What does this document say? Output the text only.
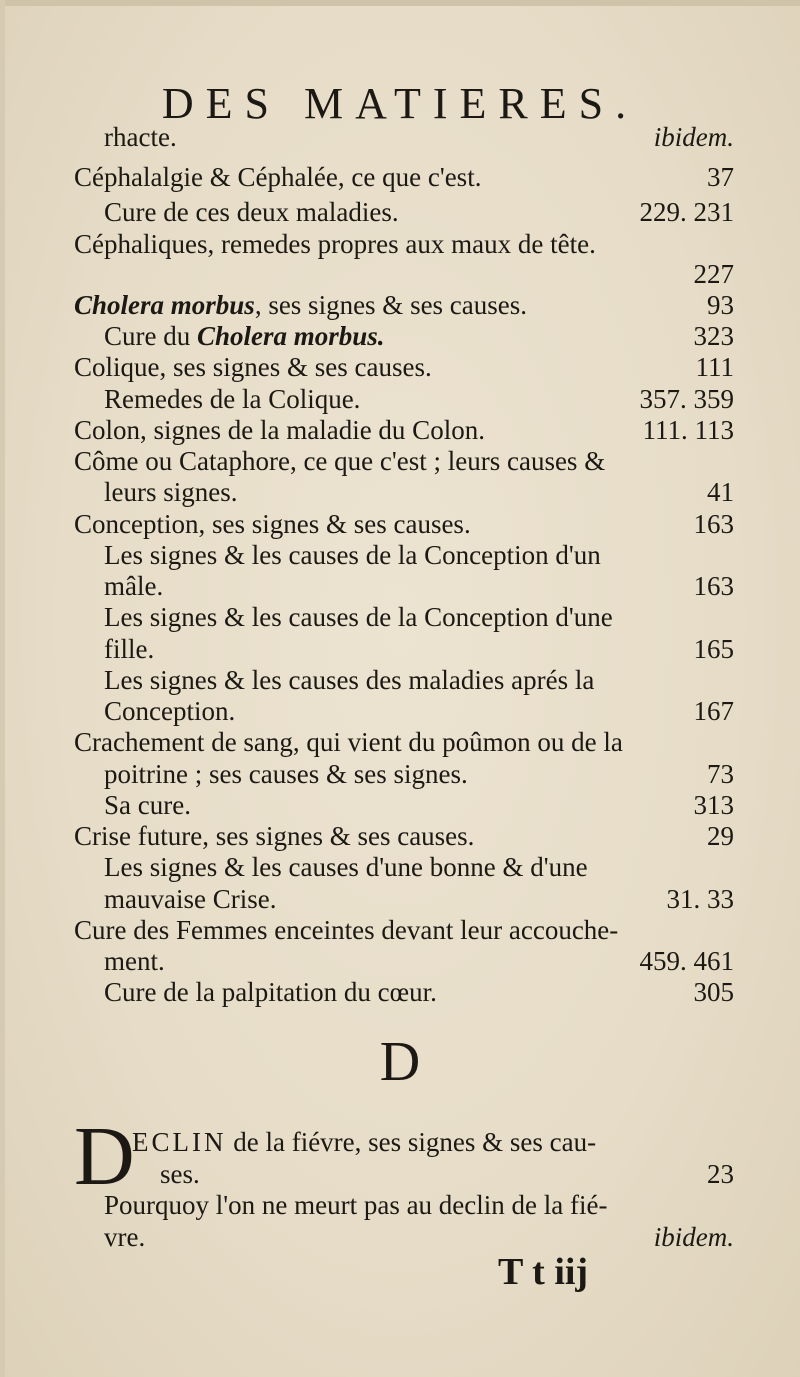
DES MATIERES.
rhacte.	ibidem.
Céphalalgie & Céphalée, ce que c'est.	37
Cure de ces deux maladies.	229. 231
Céphaliques, remedes propres aux maux de tête.
227
Cholera morbus, ses signes & ses causes.	93
Cure du Cholera morbus.	323
Colique, ses signes & ses causes.	111
Remedes de la Colique.	357. 359
Colon, signes de la maladie du Colon.	111. 113
Côme ou Cataphore, ce que c'est ; leurs causes &
leurs signes.	41
Conception, ses signes & ses causes.	163
Les signes & les causes de la Conception d'un
mâle.	163
Les signes & les causes de la Conception d'une
fille.	165
Les signes & les causes des maladies aprés la
Conception.	167
Crachement de sang, qui vient du poûmon ou de la
poitrine ; ses causes & ses signes.	73
Sa cure.	313
Crise future, ses signes & ses causes.	29
Les signes & les causes d'une bonne & d'une
mauvaise Crise.	31. 33
Cure des Femmes enceintes devant leur accouche-
ment.	459. 461
Cure de la palpitation du cœur.	305
D
D
ECLIN de la fiévre, ses signes & ses cau-
ses.	23
Pourquoy l'on ne meurt pas au declin de la fié-
vre.	ibidem.
T t iij
